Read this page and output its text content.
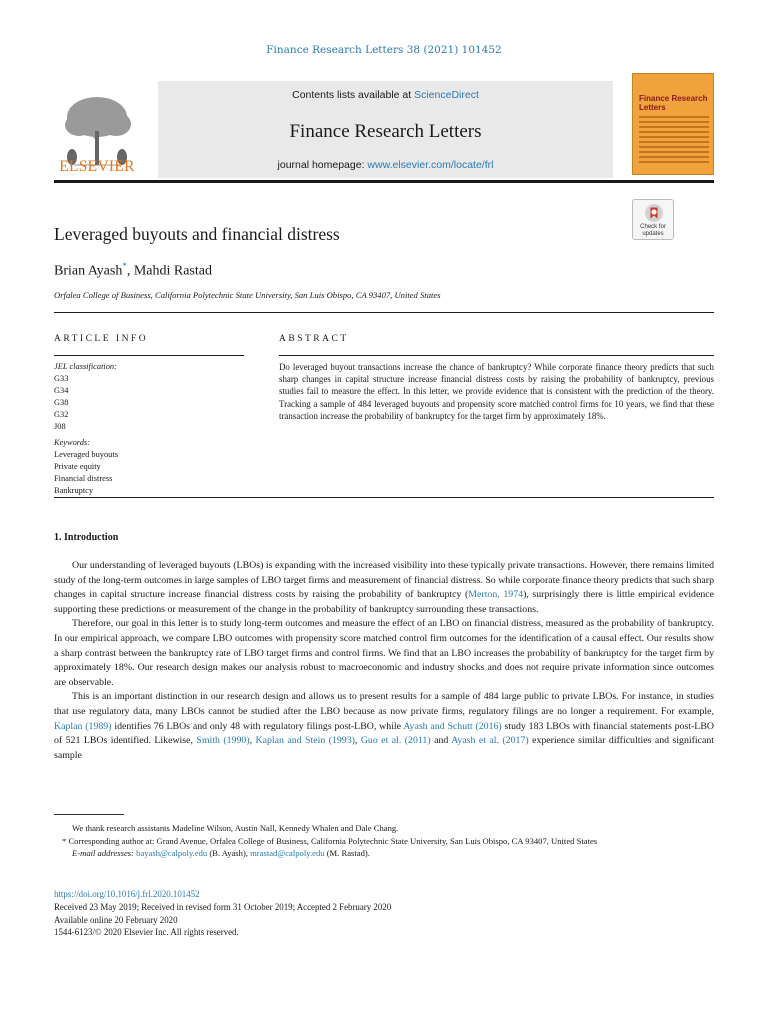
Finance Research Letters 38 (2021) 101452
ELSEVIER
Contents lists available at ScienceDirect
Finance Research Letters
journal homepage: www.elsevier.com/locate/frl
Finance Research Letters
Check for
updates
Leveraged buyouts and financial distress
Brian Ayash*, Mahdi Rastad
Orfalea College of Business, California Polytechnic State University, San Luis Obispo, CA 93407, United States
ARTICLE INFO	ABSTRACT
JEL classification:
G33
G34
G38
G32
J08
Keywords:
Leveraged buyouts
Private equity
Financial distress
Bankruptcy
Do leveraged buyout transactions increase the chance of bankruptcy? While corporate finance theory predicts that such sharp changes in capital structure increase financial distress costs by raising the probability of bankruptcy, previous studies fail to measure the effect. In this letter, we provide evidence that is consistent with the prediction of the theory. Tracking a sample of 484 leveraged buyouts and propensity score matched control firms for 10 years, we find that these transaction increase the probability of bankruptcy for the target firm by approximately 18%.
1. Introduction

Our understanding of leveraged buyouts (LBOs) is expanding with the increased visibility into these typically private transactions. However, there remains limited study of the long-term outcomes in large samples of LBO target firms and measurement of financial distress. So while corporate finance theory predicts that such sharp changes in capital structure increase financial distress costs by raising the probability of bankruptcy (Merton, 1974), surprisingly there is little empirical evidence supporting these predictions or measurement of the change in the probability of bankruptcy surrounding these transactions.

Therefore, our goal in this letter is to study long-term outcomes and measure the effect of an LBO on financial distress, measured as the probability of bankruptcy. In our empirical approach, we compare LBO outcomes with propensity score matched control firm outcomes for the identification of a causal effect. Our results show a sharp contrast between the bankruptcy rate of LBO target firms and control firms. We find that an LBO increases the probability of bankruptcy for the target firm by approximately 18%. Our research design makes our analysis robust to macroeconomic and industry shocks and does not require private information since outcomes are observable.

This is an important distinction in our research design and allows us to present results for a sample of 484 large public to private LBOs. For instance, in studies that use regulatory data, many LBOs cannot be studied after the LBO because as now private firms, regulatory filings are no longer a requirement. For example, Kaplan (1989) identifies 76 LBOs and only 48 with regulatory filings post-LBO, while Ayash and Schutt (2016) study 183 LBOs with financial statements post-LBO of 521 LBOs identified. Likewise, Smith (1990), Kaplan and Stein (1993), Guo et al. (2011) and Ayash et al. (2017) experience similar difficulties and significant sample

We thank research assistants Madeline Wilson, Austin Nall, Kennedy Whalen and Dale Chang.

* Corresponding author at: Grand Avenue, Orfalea College of Business, California Polytechnic State University, San Luis Obispo, CA 93407, United States

E-mail addresses: bayash@calpoly.edu (B. Ayash), mrastad@calpoly.edu (M. Rastad).

https://doi.org/10.1016/j.frl.2020.101452

Received 23 May 2019; Received in revised form 31 October 2019; Accepted 2 February 2020

Available online 20 February 2020

1544-6123/© 2020 Elsevier Inc. All rights reserved.
